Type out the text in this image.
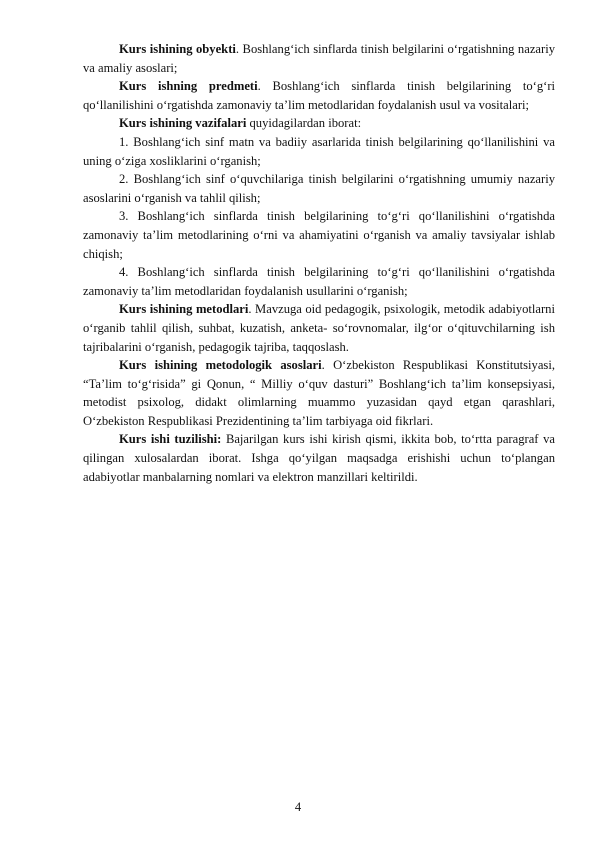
Kurs ishining obyekti. Boshlang‘ich sinflarda tinish belgilarini o‘rgatishning nazariy va amaliy asoslari;

Kurs ishning predmeti. Boshlang‘ich sinflarda tinish belgilarining to‘g‘ri qo‘llanilishini o‘rgatishda zamonaviy ta’lim metodlaridan foydalanish usul va vositalari;

Kurs ishining vazifalari quyidagilardan iborat:

1. Boshlang‘ich sinf matn va badiiy asarlarida tinish belgilarining qo‘llanilishini va uning o‘ziga xosliklarini o‘rganish;

2. Boshlang‘ich sinf o‘quvchilariga tinish belgilarini o‘rgatishning umumiy nazariy asoslarini o‘rganish va tahlil qilish;

3. Boshlang‘ich sinflarda tinish belgilarining to‘g‘ri qo‘llanilishini o‘rgatishda zamonaviy ta’lim metodlarining o‘rni va ahamiyatini o‘rganish va amaliy tavsiyalar ishlab chiqish;

4. Boshlang‘ich sinflarda tinish belgilarining to‘g‘ri qo‘llanilishini o‘rgatishda zamonaviy ta’lim metodlaridan foydalanish usullarini o‘rganish;

Kurs ishining metodlari. Mavzuga oid pedagogik, psixologik, metodik adabiyotlarni o‘rganib tahlil qilish, suhbat, kuzatish, anketa- so‘rovnomalar, ilg‘or o‘qituvchilarning ish tajribalarini o‘rganish, pedagogik tajriba, taqqoslash.

Kurs ishining metodologik asoslari. O‘zbekiston Respublikasi Konstitutsiyasi, “Ta’lim to‘g‘risida” gi Qonun, “ Milliy o‘quv dasturi” Boshlang‘ich ta’lim konsepsiyasi, metodist psixolog, didakt olimlarning muammo yuzasidan qayd etgan qarashlari, O‘zbekiston Respublikasi Prezidentining ta’lim tarbiyaga oid fikrlari.

Kurs ishi tuzilishi: Bajarilgan kurs ishi kirish qismi, ikkita bob, to‘rtta paragraf va qilingan xulosalardan iborat. Ishga qo‘yilgan maqsadga erishishi uchun to‘plangan adabiyotlar manbalarning nomlari va elektron manzillari keltirildi.

4
